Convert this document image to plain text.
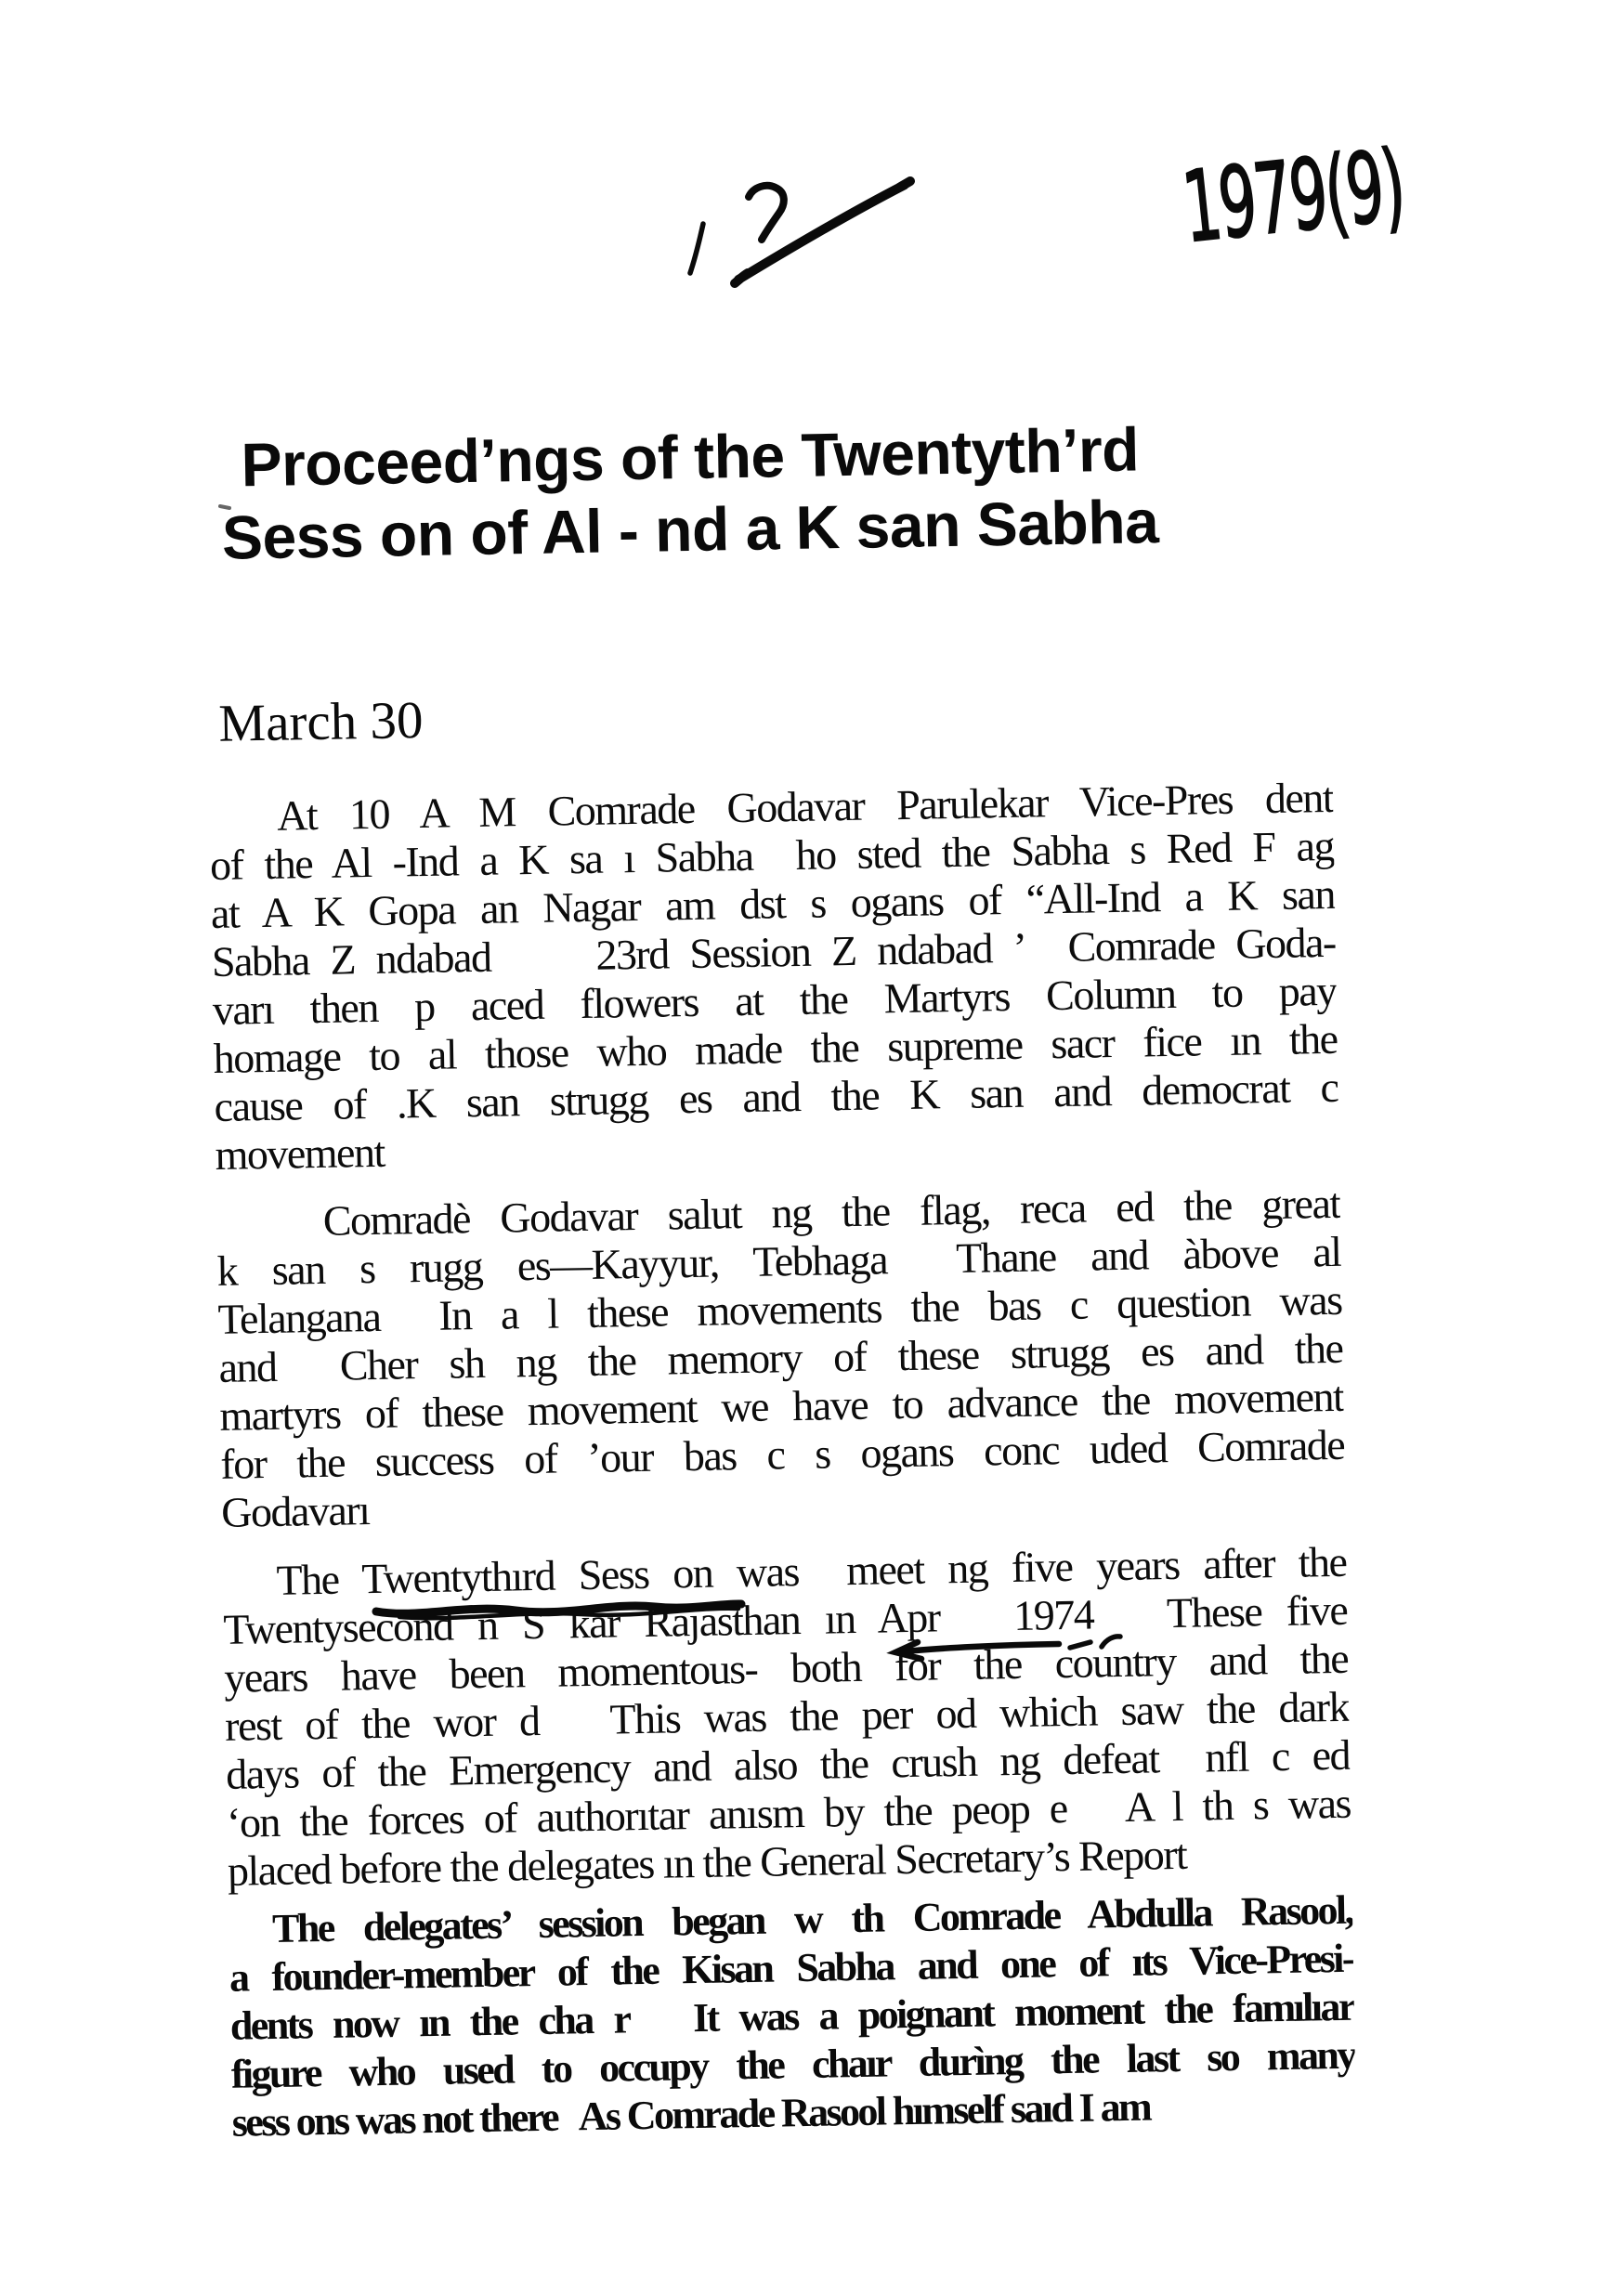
Proceed’ngs of the Twentyth’rd
Sess on of Al - nd a K san Sabha
March 30
At 10 A M Comrade Godavar Parulekar Vice-Pres dent
of the Al -Ind a K sa ı Sabha  ho sted the Sabha s Red F ag
at A K Gopa an Nagar am dst s ogans of “All-Ind a K san
Sabha Z ndabad     23rd Session Z ndabad ’  Comrade Goda-
varı then p aced flowers at the Martyrs Column to pay
homage to al those who made the supreme sacr fice ın the
cause of .K san strugg es and the K san and democrat c
movement
Comradè Godavar salut ng the flag, reca ed the great
k san s rugg es—Kayyur, Tebhaga  Thane and àbove al
Telangana  In a l these movements the bas c question was
and  Cher sh ng the memory of these strugg es and the
martyrs of these movement we have to advance the movement
for the success of ’our bas c s ogans conc uded Comrade
Godavarı
The Twentythırd Sess on was  meet ng five years after the
Twentysecond n S kar Rajasthan ın Apr   1974   These five
years have been momentous- both for the country and the
rest of the wor d   This was the per od which saw the dark
days of the Emergency and also the crush ng defeat  nfl c ed
‘on the forces of authorıtar anısm by the peop e   A l th s was
placed before the delegates ın the General Secretary’s Report
The delegates’ session began w th Comrade Abdulla Rasool,
a founder-member of the Kisan Sabha and one of ıts Vice-Presi-
dents now ın the cha r   It was a poignant moment the famılıar
figure who used to occupy the chaır durìng the last so many
sess ons was not there   As Comrade Rasool hımself saıd I am
1979(9)
